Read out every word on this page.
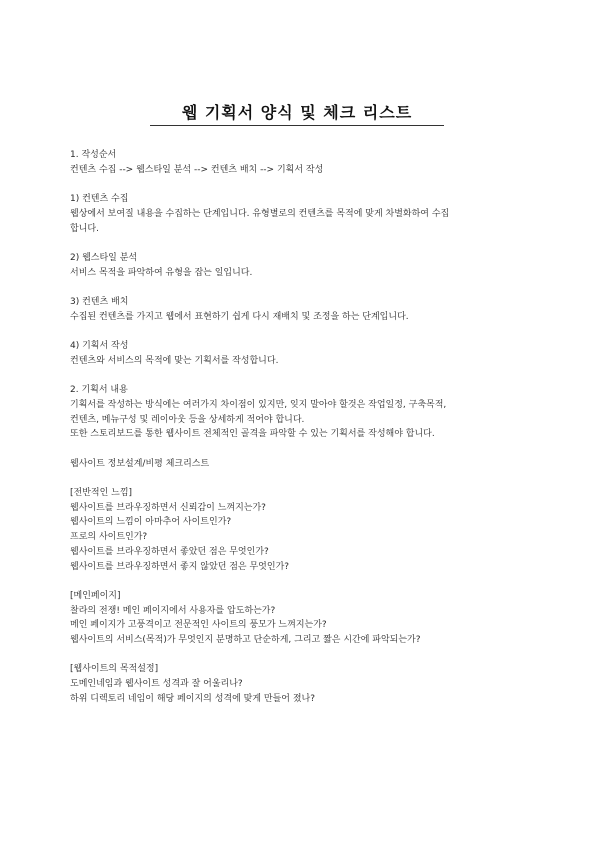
웹 기획서 양식 및 체크 리스트

1. 작성순서

컨텐츠 수집 --> 웹스타일 분석 --> 컨텐츠 배치 --> 기획서 작성

1) 컨텐츠 수집

웹상에서 보여질 내용을 수집하는 단계입니다. 유형별로의 컨텐츠를 목적에 맞게 차별화하여 수집

합니다.

2) 웹스타일 분석

서비스 목적을 파악하여 유형을 잡는 일입니다.

3) 컨텐츠 배치

수집된 컨텐츠를 가지고 웹에서 표현하기 쉽게 다시 재배치 및 조정을 하는 단계입니다.

4) 기획서 작성

컨텐츠와 서비스의 목적에 맞는 기획서를 작성합니다.

2. 기획서 내용

기획서를 작성하는 방식에는 여러가지 차이점이 있지만, 잊지 말아야 할것은 작업일정, 구축목적,

컨텐츠, 메뉴구성 및 레이아웃 등을 상세하게 적어야 합니다.

또한 스토리보드를 통한 웹사이트 전체적인 골격을 파악할 수 있는 기획서를 작성해야 합니다.

웹사이트 정보설계/비평 체크리스트

[전반적인 느낌]

웹사이트를 브라우징하면서 신뢰감이 느껴지는가?

웹사이트의 느낌이 아마추어 사이트인가?

프로의 사이트인가?

웹사이트를 브라우징하면서 좋았던 점은 무엇인가?

웹사이트를 브라우징하면서 좋지 않았던 점은 무엇인가?

[메인페이지]

찰라의 전쟁! 메인 페이지에서 사용자를 압도하는가?

메인 페이지가 고풍격이고 전문적인 사이트의 풍모가 느껴지는가?

웹사이트의 서비스(목적)가 무엇인지 분명하고 단순하게, 그리고 짧은 시간에 파악되는가?

[웹사이트의 목적설정]

도메인네임과 웹사이트 성격과 잘 어울리나?

하위 디렉토리 네임이 해당 페이지의 성격에 맞게 만들어 졌나?
